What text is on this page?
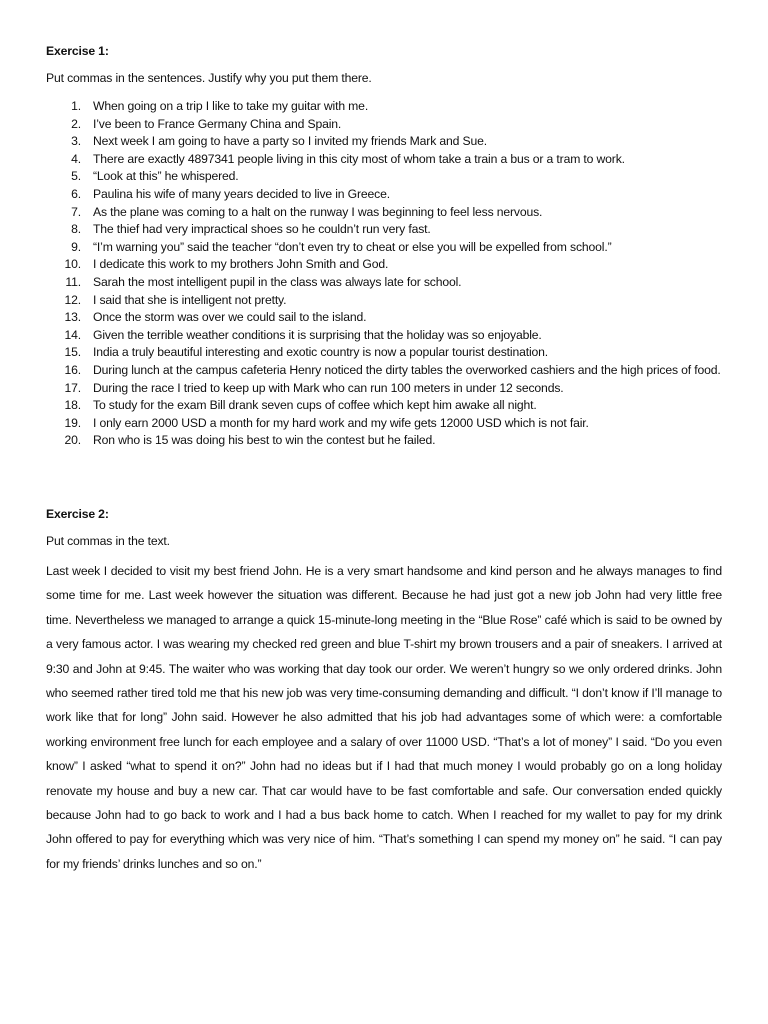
Exercise 1:
Put commas in the sentences. Justify why you put them there.
1. When going on a trip I like to take my guitar with me.
2. I’ve been to France Germany China and Spain.
3. Next week I am going to have a party so I invited my friends Mark and Sue.
4. There are exactly 4897341 people living in this city most of whom take a train a bus or a tram to work.
5. “Look at this” he whispered.
6. Paulina his wife of many years decided to live in Greece.
7. As the plane was coming to a halt on the runway I was beginning to feel less nervous.
8. The thief had very impractical shoes so he couldn’t run very fast.
9. “I’m warning you” said the teacher “don’t even try to cheat or else you will be expelled from school.”
10. I dedicate this work to my brothers John Smith and God.
11. Sarah the most intelligent pupil in the class was always late for school.
12. I said that she is intelligent not pretty.
13. Once the storm was over we could sail to the island.
14. Given the terrible weather conditions it is surprising that the holiday was so enjoyable.
15. India a truly beautiful interesting and exotic country is now a popular tourist destination.
16. During lunch at the campus cafeteria Henry noticed the dirty tables the overworked cashiers and the high prices of food.
17. During the race I tried to keep up with Mark who can run 100 meters in under 12 seconds.
18. To study for the exam Bill drank seven cups of coffee which kept him awake all night.
19. I only earn 2000 USD a month for my hard work and my wife gets 12000 USD which is not fair.
20. Ron who is 15 was doing his best to win the contest but he failed.
Exercise 2:
Put commas in the text.

Last week I decided to visit my best friend John. He is a very smart handsome and kind person and he always manages to find some time for me. Last week however the situation was different. Because he had just got a new job John had very little free time. Nevertheless we managed to arrange a quick 15-minute-long meeting in the “Blue Rose” café which is said to be owned by a very famous actor. I was wearing my checked red green and blue T-shirt my brown trousers and a pair of sneakers. I arrived at 9:30 and John at 9:45. The waiter who was working that day took our order. We weren’t hungry so we only ordered drinks. John who seemed rather tired told me that his new job was very time-consuming demanding and difficult. “I don’t know if I’ll manage to work like that for long” John said. However he also admitted that his job had advantages some of which were: a comfortable working environment free lunch for each employee and a salary of over 11000 USD. “That’s a lot of money” I said. “Do you even know” I asked “what to spend it on?” John had no ideas but if I had that much money I would probably go on a long holiday renovate my house and buy a new car. That car would have to be fast comfortable and safe. Our conversation ended quickly because John had to go back to work and I had a bus back home to catch. When I reached for my wallet to pay for my drink John offered to pay for everything which was very nice of him. “That’s something I can spend my money on” he said. “I can pay for my friends’ drinks lunches and so on.”
